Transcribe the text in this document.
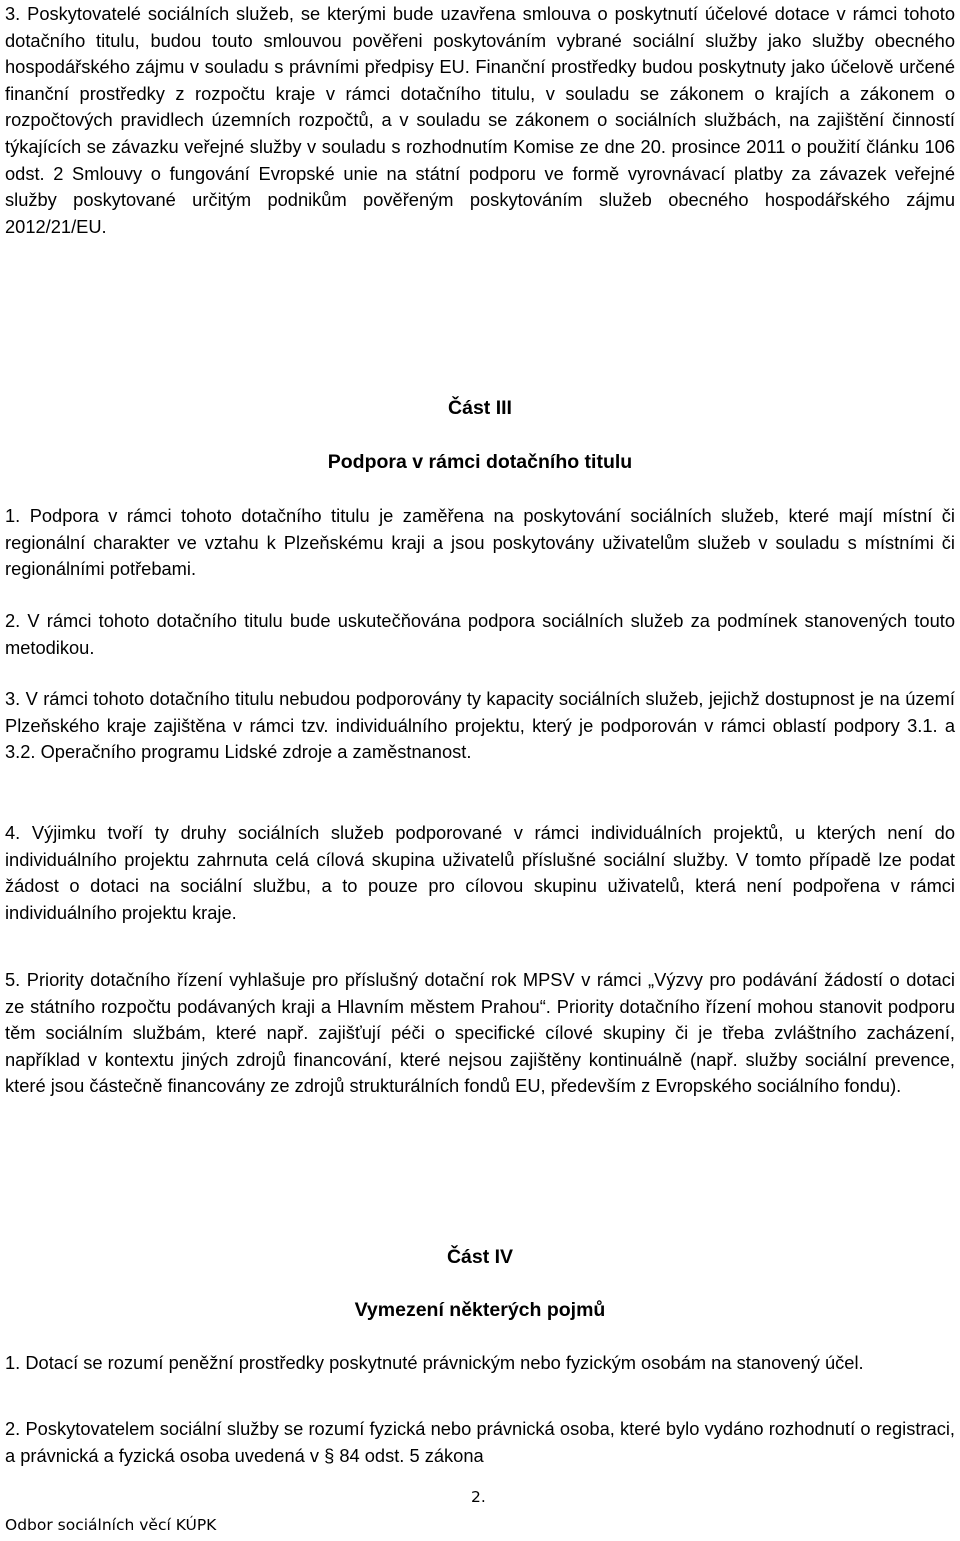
3. Poskytovatelé sociálních služeb, se kterými bude uzavřena smlouva o poskytnutí účelové dotace v rámci tohoto dotačního titulu, budou touto smlouvou pověřeni poskytováním vybrané sociální služby jako služby obecného hospodářského zájmu v souladu s právními předpisy EU. Finanční prostředky budou poskytnuty jako účelově určené finanční prostředky z rozpočtu kraje v rámci dotačního titulu, v souladu se zákonem o krajích a zákonem o rozpočtových pravidlech územních rozpočtů, a v souladu se zákonem o sociálních službách, na zajištění činností týkajících se závazku veřejné služby v souladu s rozhodnutím Komise ze dne 20. prosince 2011 o použití článku 106 odst. 2 Smlouvy o fungování Evropské unie na státní podporu ve formě vyrovnávací platby za závazek veřejné služby poskytované určitým podnikům pověřeným poskytováním služeb obecného hospodářského zájmu 2012/21/EU.

Část III
Podpora v rámci dotačního titulu

1. Podpora v rámci tohoto dotačního titulu je zaměřena na poskytování sociálních služeb, které mají místní či regionální charakter ve vztahu k Plzeňskému kraji a jsou poskytovány uživatelům služeb v souladu s místními či regionálními potřebami.

2. V rámci tohoto dotačního titulu bude uskutečňována podpora sociálních služeb za podmínek stanovených touto metodikou.

3. V rámci tohoto dotačního titulu nebudou podporovány ty kapacity sociálních služeb, jejichž dostupnost je na území Plzeňského kraje zajištěna v rámci tzv. individuálního projektu, který je podporován v rámci oblastí podpory 3.1. a 3.2. Operačního programu Lidské zdroje a zaměstnanost.

4. Výjimku tvoří ty druhy sociálních služeb podporované v rámci individuálních projektů, u kterých není do individuálního projektu zahrnuta celá cílová skupina uživatelů příslušné sociální služby. V tomto případě lze podat žádost o dotaci na sociální službu, a to pouze pro cílovou skupinu uživatelů, která není podpořena v rámci individuálního projektu kraje.

5. Priority dotačního řízení vyhlašuje pro příslušný dotační rok MPSV v rámci „Výzvy pro podávání žádostí o dotaci ze státního rozpočtu podávaných kraji a Hlavním městem Prahou“. Priority dotačního řízení mohou stanovit podporu těm sociálním službám, které např. zajišťují péči o specifické cílové skupiny či je třeba zvláštního zacházení, například v kontextu jiných zdrojů financování, které nejsou zajištěny kontinuálně (např. služby sociální prevence, které jsou částečně financovány ze zdrojů strukturálních fondů EU, především z Evropského sociálního fondu).

Část IV
Vymezení některých pojmů

1. Dotací se rozumí peněžní prostředky poskytnuté právnickým nebo fyzickým osobám na stanovený účel.

2. Poskytovatelem sociální služby se rozumí fyzická nebo právnická osoba, které bylo vydáno rozhodnutí o registraci, a právnická a fyzická osoba uvedená v § 84 odst. 5 zákona

2.
Odbor sociálních věcí KÚPK
